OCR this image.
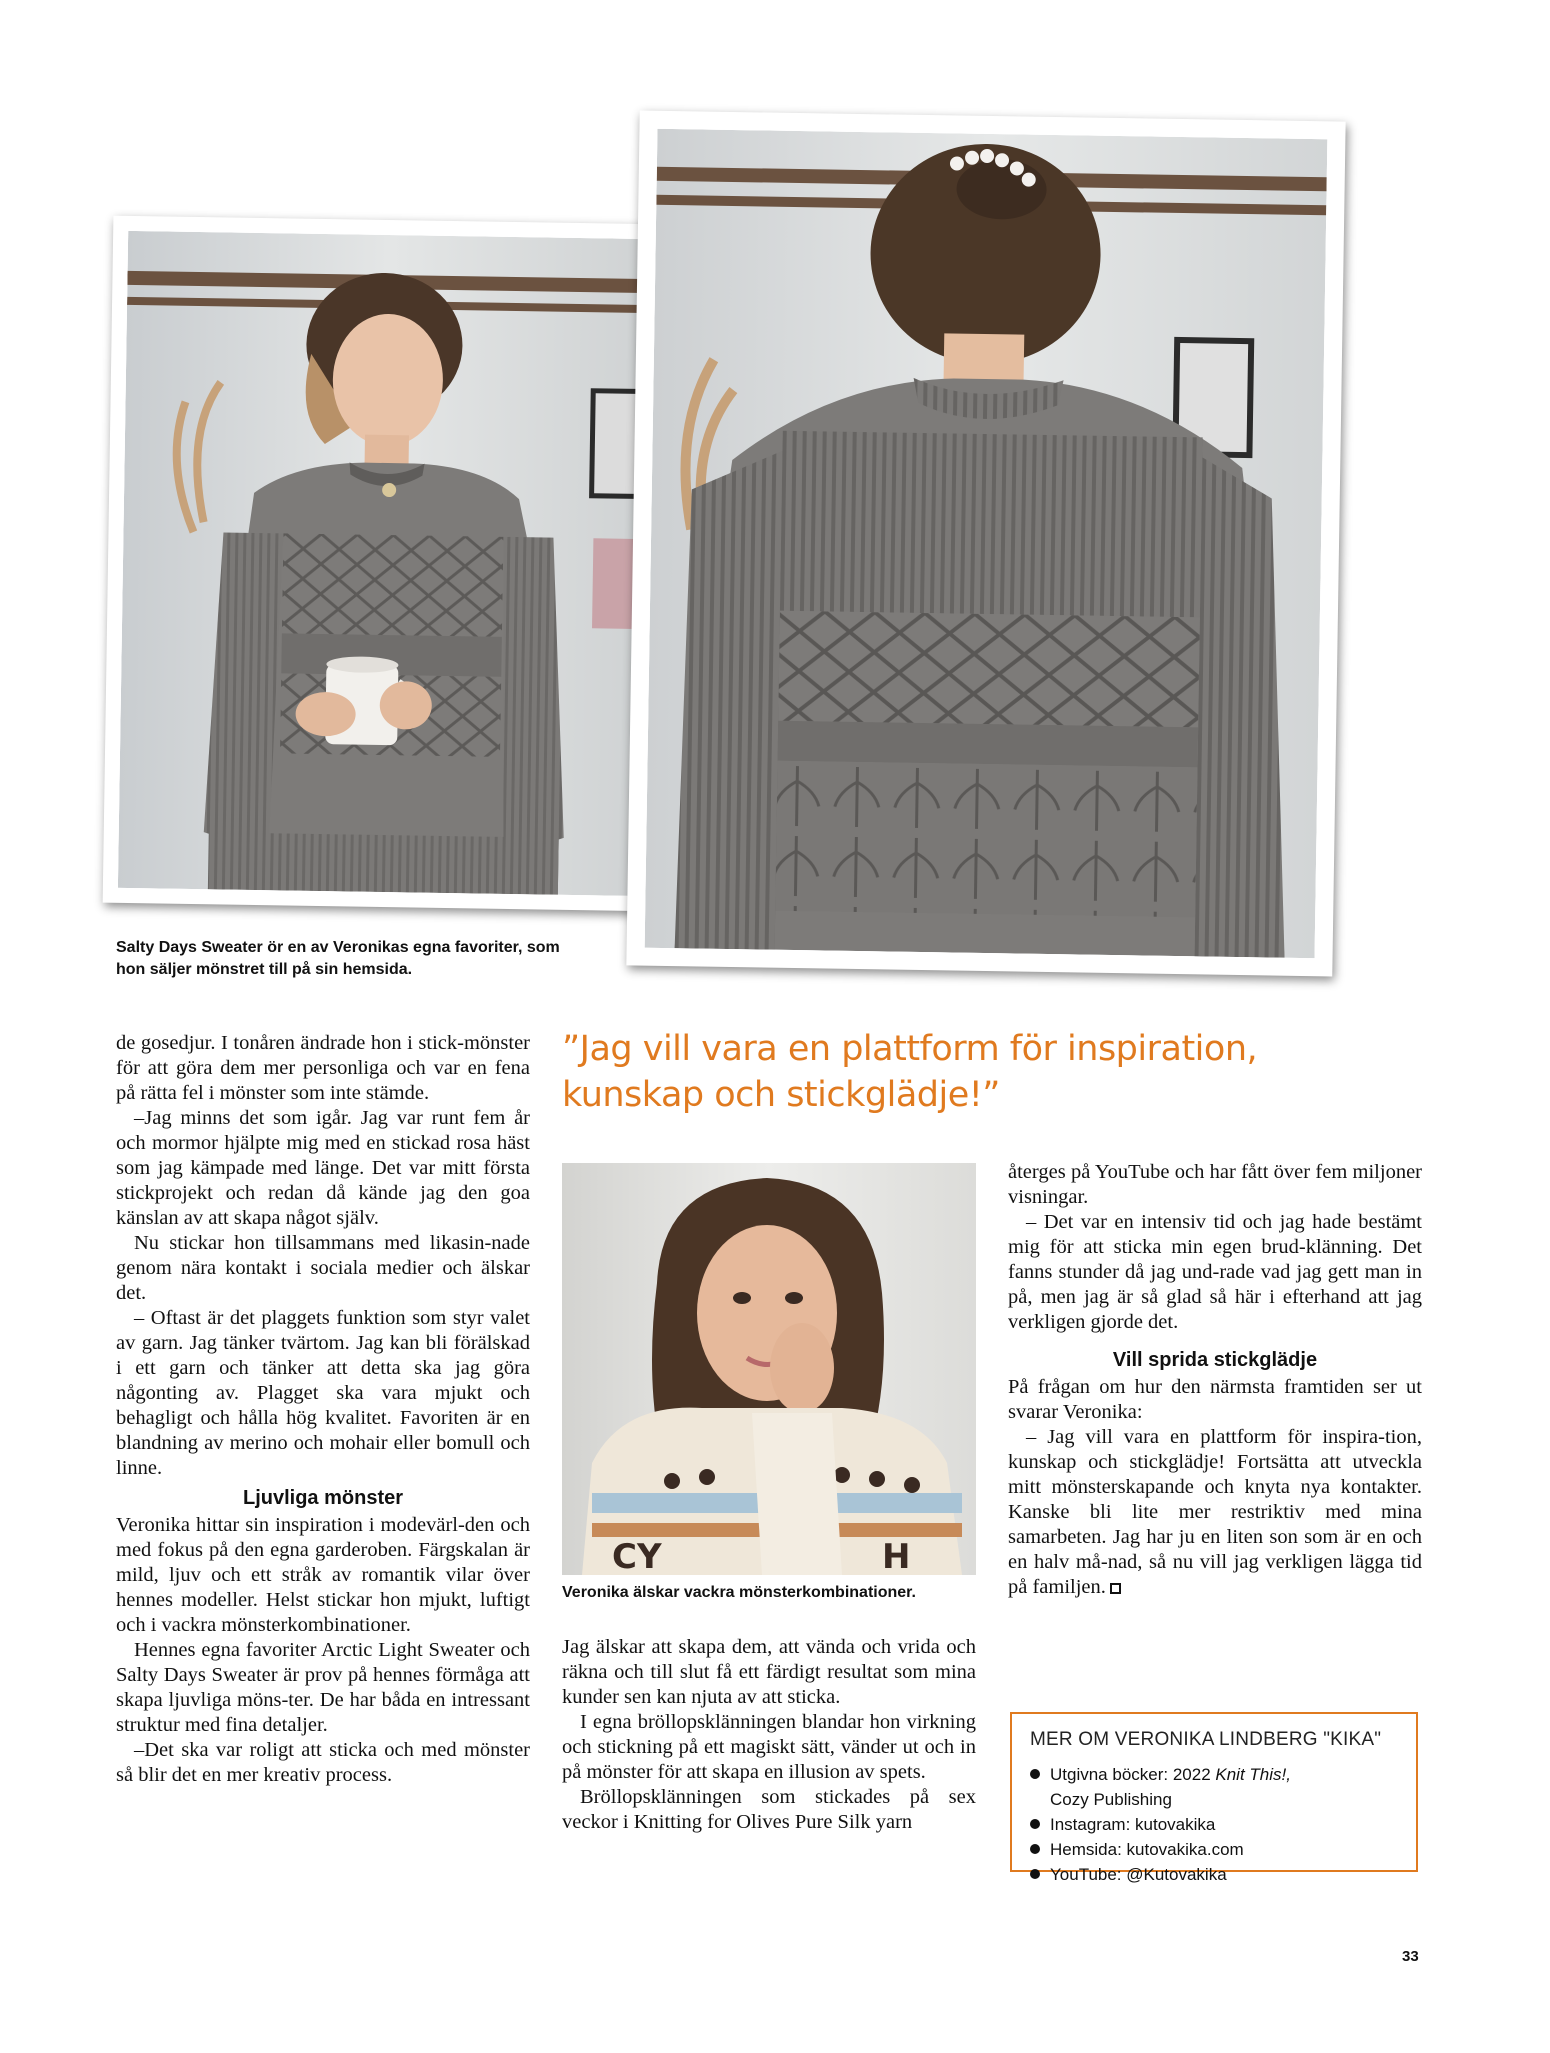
Salty Days Sweater ör en av Veronikas egna favoriter, som hon säljer mönstret till på sin hemsida.
”Jag vill vara en plattform för inspiration, kunskap och stickglädje!”

de gosedjur. I tonåren ändrade hon i stick-mönster för att göra dem mer personliga och var en fena på rätta fel i mönster som inte stämde.

–Jag minns det som igår. Jag var runt fem år och mormor hjälpte mig med en stickad rosa häst som jag kämpade med länge. Det var mitt första stickprojekt och redan då kände jag den goa känslan av att skapa något själv.

Nu stickar hon tillsammans med likasin-nade genom nära kontakt i sociala medier och älskar det.

– Oftast är det plaggets funktion som styr valet av garn. Jag tänker tvärtom. Jag kan bli förälskad i ett garn och tänker att detta ska jag göra någonting av. Plagget ska vara mjukt och behagligt och hålla hög kvalitet. Favoriten är en blandning av merino och mohair eller bomull och linne.

Ljuvliga mönster

Veronika hittar sin inspiration i modevärl-den och med fokus på den egna garderoben. Färgskalan är mild, ljuv och ett stråk av romantik vilar över hennes modeller. Helst stickar hon mjukt, luftigt och i vackra mönsterkombinationer.

Hennes egna favoriter Arctic Light Sweater och Salty Days Sweater är prov på hennes förmåga att skapa ljuvliga möns-ter. De har båda en intressant struktur med fina detaljer.

–Det ska var roligt att sticka och med mönster så blir det en mer kreativ process.

CY	H
Veronika älskar vackra mönsterkombinationer.

Jag älskar att skapa dem, att vända och vrida och räkna och till slut få ett färdigt resultat som mina kunder sen kan njuta av att sticka.

I egna bröllopsklänningen blandar hon virkning och stickning på ett magiskt sätt, vänder ut och in på mönster för att skapa en illusion av spets.

Bröllopsklänningen som stickades på sex veckor i Knitting for Olives Pure Silk yarn

återges på YouTube och har fått över fem miljoner visningar.

– Det var en intensiv tid och jag hade bestämt mig för att sticka min egen brud-klänning. Det fanns stunder då jag und-rade vad jag gett man in på, men jag är så glad så här i efterhand att jag verkligen gjorde det.

Vill sprida stickglädje

På frågan om hur den närmsta framtiden ser ut svarar Veronika:

– Jag vill vara en plattform för inspira-tion, kunskap och stickglädje! Fortsätta att utveckla mitt mönsterskapande och knyta nya kontakter. Kanske bli lite mer restriktiv med mina samarbeten. Jag har ju en liten son som är en och en halv må-nad, så nu vill jag verkligen lägga tid på familjen.

MER OM VERONIKA LINDBERG "KIKA"
Utgivna böcker: 2022 Knit This!,
Cozy Publishing
Instagram: kutovakika
Hemsida: kutovakika.com
YouTube: @Kutovakika
33
